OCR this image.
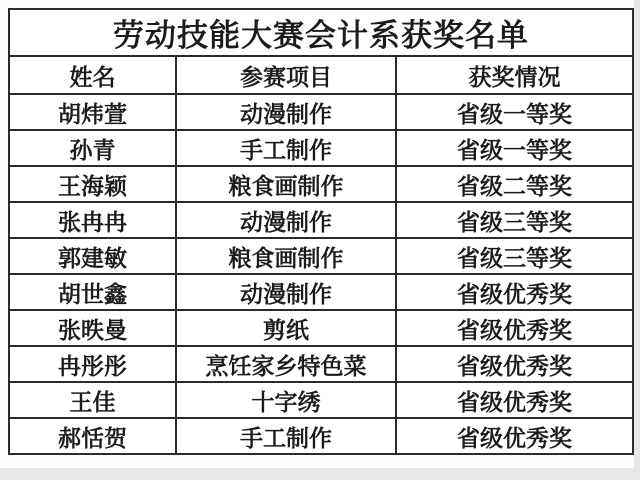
劳动技能大赛会计系获奖名单		
姓名	参赛项目	获奖情况
胡炜萱	动漫制作	省级一等奖
孙青	手工制作	省级一等奖
王海颖	粮食画制作	省级二等奖
张冉冉	动漫制作	省级三等奖
郭建敏	粮食画制作	省级三等奖
胡世鑫	动漫制作	省级优秀奖
张昳曼	剪纸	省级优秀奖
冉彤彤	烹饪家乡特色菜	省级优秀奖
王佳	十字绣	省级优秀奖
郝恬贺	手工制作	省级优秀奖
